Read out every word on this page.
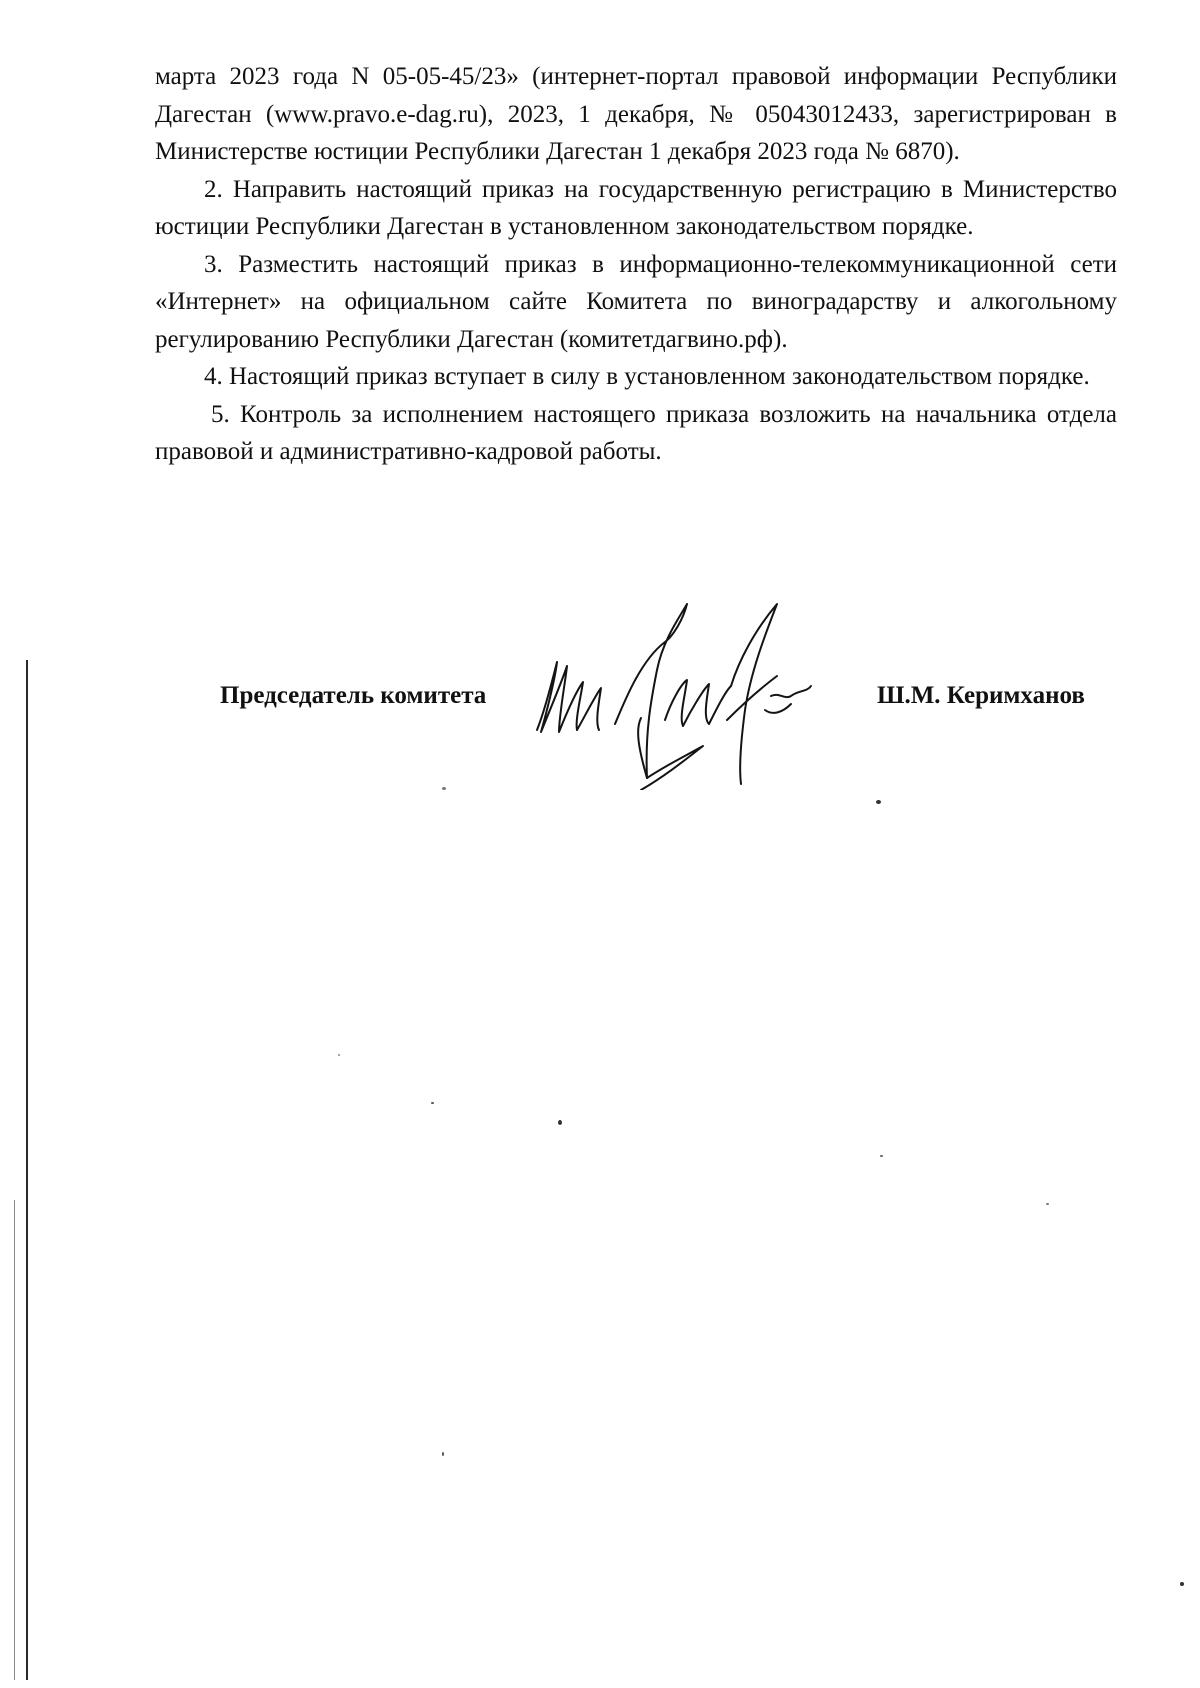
марта 2023 года N 05-05-45/23» (интернет-портал правовой информации Республики Дагестан (www.pravo.e-dag.ru), 2023, 1 декабря, № 05043012433, зарегистрирован в Министерстве юстиции Республики Дагестан 1 декабря 2023 года № 6870).

2. Направить настоящий приказ на государственную регистрацию в Министерство юстиции Республики Дагестан в установленном законодательством порядке.

3. Разместить настоящий приказ в информационно-телекоммуникационной сети «Интернет» на официальном сайте Комитета по виноградарству и алкогольному регулированию Республики Дагестан (комитетдагвино.рф).

4. Настоящий приказ вступает в силу в установленном законодательством порядке.

5. Контроль за исполнением настоящего приказа возложить на начальника отдела правовой и административно-кадровой работы.

Председатель комитета	Ш.М. Керимханов
